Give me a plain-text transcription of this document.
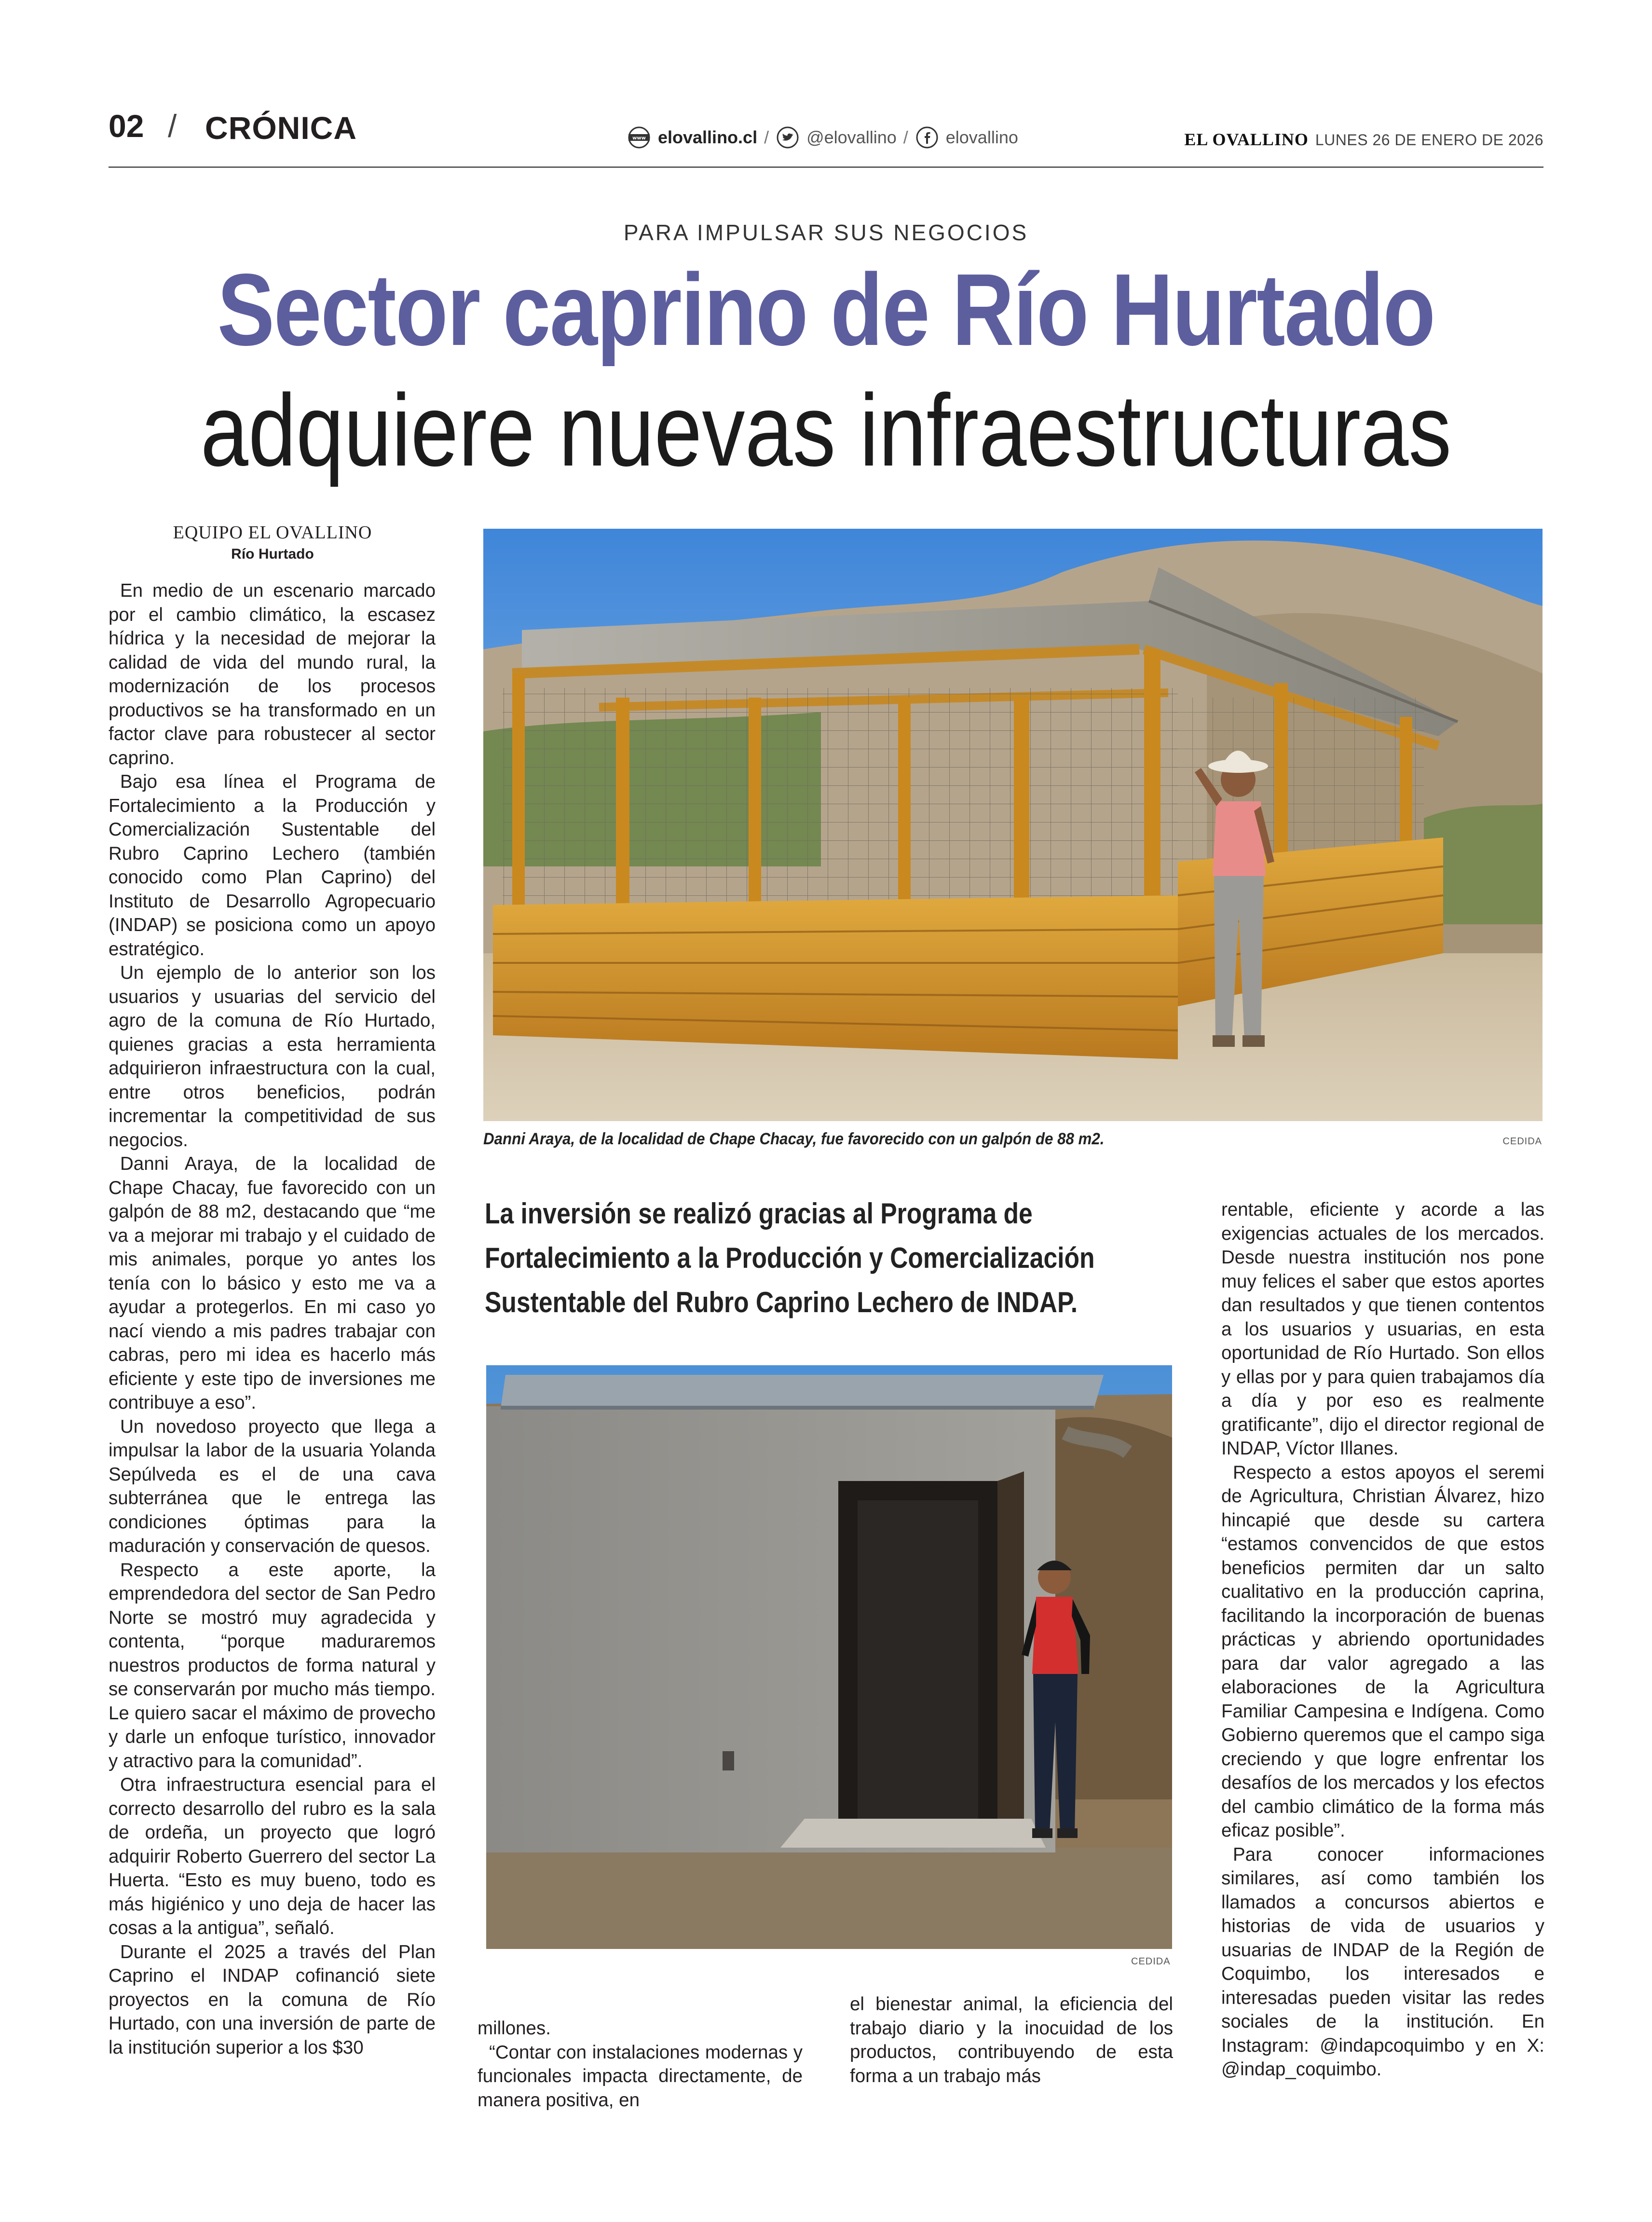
02 / CRÓNICA	www elovallino.cl / @elovallino / elovallino	EL OVALLINO LUNES 26 DE ENERO DE 2026
PARA IMPULSAR SUS NEGOCIOS
Sector caprino de Río Hurtado
adquiere nuevas infraestructuras
EQUIPO EL OVALLINO
Río Hurtado

En medio de un escenario marcado por el cambio climático, la escasez hídrica y la necesidad de mejorar la calidad de vida del mundo rural, la modernización de los procesos productivos se ha transformado en un factor clave para robustecer al sector caprino.

Bajo esa línea el Programa de Fortalecimiento a la Producción y Comercialización Sustentable del Rubro Caprino Lechero (también conocido como Plan Caprino) del Instituto de Desarrollo Agropecuario (INDAP) se posiciona como un apoyo estratégico.

Un ejemplo de lo anterior son los usuarios y usuarias del servicio del agro de la comuna de Río Hurtado, quienes gracias a esta herramienta adquirieron infraestructura con la cual, entre otros beneficios, podrán incrementar la competitividad de sus negocios.

Danni Araya, de la localidad de Chape Chacay, fue favorecido con un galpón de 88 m2, destacando que “me va a mejorar mi trabajo y el cuidado de mis animales, porque yo antes los tenía con lo básico y esto me va a ayudar a protegerlos. En mi caso yo nací viendo a mis padres trabajar con cabras, pero mi idea es hacerlo más eficiente y este tipo de inversiones me contribuye a eso”.

Un novedoso proyecto que llega a impulsar la labor de la usuaria Yolanda Sepúlveda es el de una cava subterránea que le entrega las condiciones óptimas para la maduración y conservación de quesos.

Respecto a este aporte, la emprendedora del sector de San Pedro Norte se mostró muy agradecida y contenta, “porque maduraremos nuestros productos de forma natural y se conservarán por mucho más tiempo. Le quiero sacar el máximo de provecho y darle un enfoque turístico, innovador y atractivo para la comunidad”.

Otra infraestructura esencial para el correcto desarrollo del rubro es la sala de ordeña, un proyecto que logró adquirir Roberto Guerrero del sector La Huerta. “Esto es muy bueno, todo es más higiénico y uno deja de hacer las cosas a la antigua”, señaló.

Durante el 2025 a través del Plan Caprino el INDAP cofinanció siete proyectos en la comuna de Río Hurtado, con una inversión de parte de la institución superior a los $30

Danni Araya, de la localidad de Chape Chacay, fue favorecido con un galpón de 88 m2.	CEDIDA
La inversión se realizó gracias al Programa de
Fortalecimiento a la Producción y Comercialización
Sustentable del Rubro Caprino Lechero de INDAP.
CEDIDA

millones.

“Contar con instalaciones modernas y funcionales impacta directamente, de manera positiva, en

el bienestar animal, la eficiencia del trabajo diario y la inocuidad de los productos, contribuyendo de esta forma a un trabajo más

rentable, eficiente y acorde a las exigencias actuales de los mercados. Desde nuestra institución nos pone muy felices el saber que estos aportes dan resultados y que tienen contentos a los usuarios y usuarias, en esta oportunidad de Río Hurtado. Son ellos y ellas por y para quien trabajamos día a día y por eso es realmente gratificante”, dijo el director regional de INDAP, Víctor Illanes.

Respecto a estos apoyos el seremi de Agricultura, Christian Álvarez, hizo hincapié que desde su cartera “estamos convencidos de que estos beneficios permiten dar un salto cualitativo en la producción caprina, facilitando la incorporación de buenas prácticas y abriendo oportunidades para dar valor agregado a las elaboraciones de la Agricultura Familiar Campesina e Indígena. Como Gobierno queremos que el campo siga creciendo y que logre enfrentar los desafíos de los mercados y los efectos del cambio climático de la forma más eficaz posible”.

Para conocer informaciones similares, así como también los llamados a concursos abiertos e historias de vida de usuarios y usuarias de INDAP de la Región de Coquimbo, los interesados e interesadas pueden visitar las redes sociales de la institución. En Instagram: @indapcoquimbo y en X: @indap_coquimbo.
